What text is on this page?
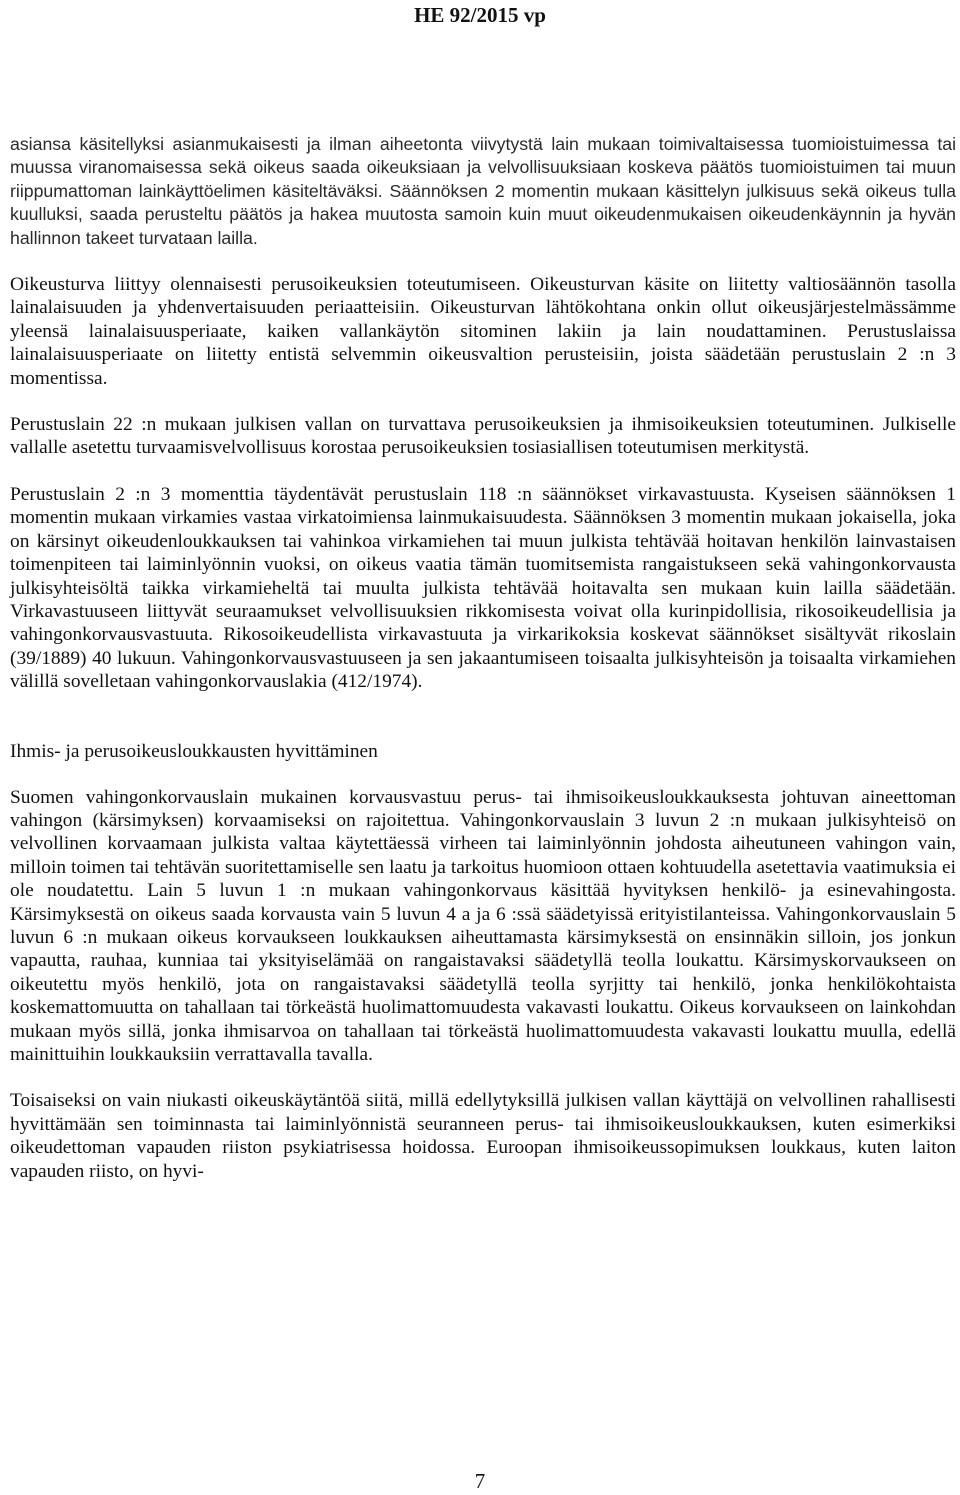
HE 92/2015 vp

asiansa käsitellyksi asianmukaisesti ja ilman aiheetonta viivytystä lain mukaan toimivaltaisessa tuomioistuimessa tai muussa viranomaisessa sekä oikeus saada oikeuksiaan ja velvollisuuksiaan koskeva päätös tuomioistuimen tai muun riippumattoman lainkäyttöelimen käsiteltäväksi. Säännöksen 2 momentin mukaan käsittelyn julkisuus sekä oikeus tulla kuulluksi, saada perusteltu päätös ja hakea muutosta samoin kuin muut oikeudenmukaisen oikeudenkäynnin ja hyvän hallinnon takeet turvataan lailla.

Oikeusturva liittyy olennaisesti perusoikeuksien toteutumiseen. Oikeusturvan käsite on liitetty valtiosäännön tasolla lainalaisuuden ja yhdenvertaisuuden periaatteisiin. Oikeusturvan lähtökohtana onkin ollut oikeusjärjestelmässämme yleensä lainalaisuusperiaate, kaiken vallankäytön sitominen lakiin ja lain noudattaminen. Perustuslaissa lainalaisuusperiaate on liitetty entistä selvemmin oikeusvaltion perusteisiin, joista säädetään perustuslain 2 :n 3 momentissa.

Perustuslain 22 :n mukaan julkisen vallan on turvattava perusoikeuksien ja ihmisoikeuksien toteutuminen. Julkiselle vallalle asetettu turvaamisvelvollisuus korostaa perusoikeuksien tosiasiallisen toteutumisen merkitystä.

Perustuslain 2 :n 3 momenttia täydentävät perustuslain 118 :n säännökset virkavastuusta. Kyseisen säännöksen 1 momentin mukaan virkamies vastaa virkatoimiensa lainmukaisuudesta. Säännöksen 3 momentin mukaan jokaisella, joka on kärsinyt oikeudenloukkauksen tai vahinkoa virkamiehen tai muun julkista tehtävää hoitavan henkilön lainvastaisen toimenpiteen tai laiminlyönnin vuoksi, on oikeus vaatia tämän tuomitsemista rangaistukseen sekä vahingonkorvausta julkisyhteisöltä taikka virkamieheltä tai muulta julkista tehtävää hoitavalta sen mukaan kuin lailla säädetään. Virkavastuuseen liittyvät seuraamukset velvollisuuksien rikkomisesta voivat olla kurinpidollisia, rikosoikeudellisia ja vahingonkorvausvastuuta. Rikosoikeudellista virkavastuuta ja virkarikoksia koskevat säännökset sisältyvät rikoslain (39/1889) 40 lukuun. Vahingonkorvausvastuuseen ja sen jakaantumiseen toisaalta julkisyhteisön ja toisaalta virkamiehen välillä sovelletaan vahingonkorvauslakia (412/1974).

Ihmis- ja perusoikeusloukkausten hyvittäminen

Suomen vahingonkorvauslain mukainen korvausvastuu perus- tai ihmisoikeusloukkauksesta johtuvan aineettoman vahingon (kärsimyksen) korvaamiseksi on rajoitettua. Vahingonkorvauslain 3 luvun 2 :n mukaan julkisyhteisö on velvollinen korvaamaan julkista valtaa käytettäessä virheen tai laiminlyönnin johdosta aiheutuneen vahingon vain, milloin toimen tai tehtävän suoritettamiselle sen laatu ja tarkoitus huomioon ottaen kohtuudella asetettavia vaatimuksia ei ole noudatettu. Lain 5 luvun 1 :n mukaan vahingonkorvaus käsittää hyvityksen henkilö- ja esinevahingosta. Kärsimyksestä on oikeus saada korvausta vain 5 luvun 4 a ja 6 :ssä säädetyissä erityistilanteissa. Vahingonkorvauslain 5 luvun 6 :n mukaan oikeus korvaukseen loukkauksen aiheuttamasta kärsimyksestä on ensinnäkin silloin, jos jonkun vapautta, rauhaa, kunniaa tai yksityiselämää on rangaistavaksi säädetyllä teolla loukattu. Kärsimyskorvaukseen on oikeutettu myös henkilö, jota on rangaistavaksi säädetyllä teolla syrjitty tai henkilö, jonka henkilökohtaista koskemattomuutta on tahallaan tai törkeästä huolimattomuudesta vakavasti loukattu. Oikeus korvaukseen on lainkohdan mukaan myös sillä, jonka ihmisarvoa on tahallaan tai törkeästä huolimattomuudesta vakavasti loukattu muulla, edellä mainittuihin loukkauksiin verrattavalla tavalla.

Toisaiseksi on vain niukasti oikeuskäytäntöä siitä, millä edellytyksillä julkisen vallan käyttäjä on velvollinen rahallisesti hyvittämään sen toiminnasta tai laiminlyönnistä seuranneen perus- tai ihmisoikeusloukkauksen, kuten esimerkiksi oikeudettoman vapauden riiston psykiatrisessa hoidossa. Euroopan ihmisoikeussopimuksen loukkaus, kuten laiton vapauden riisto, on hyvi-

7
